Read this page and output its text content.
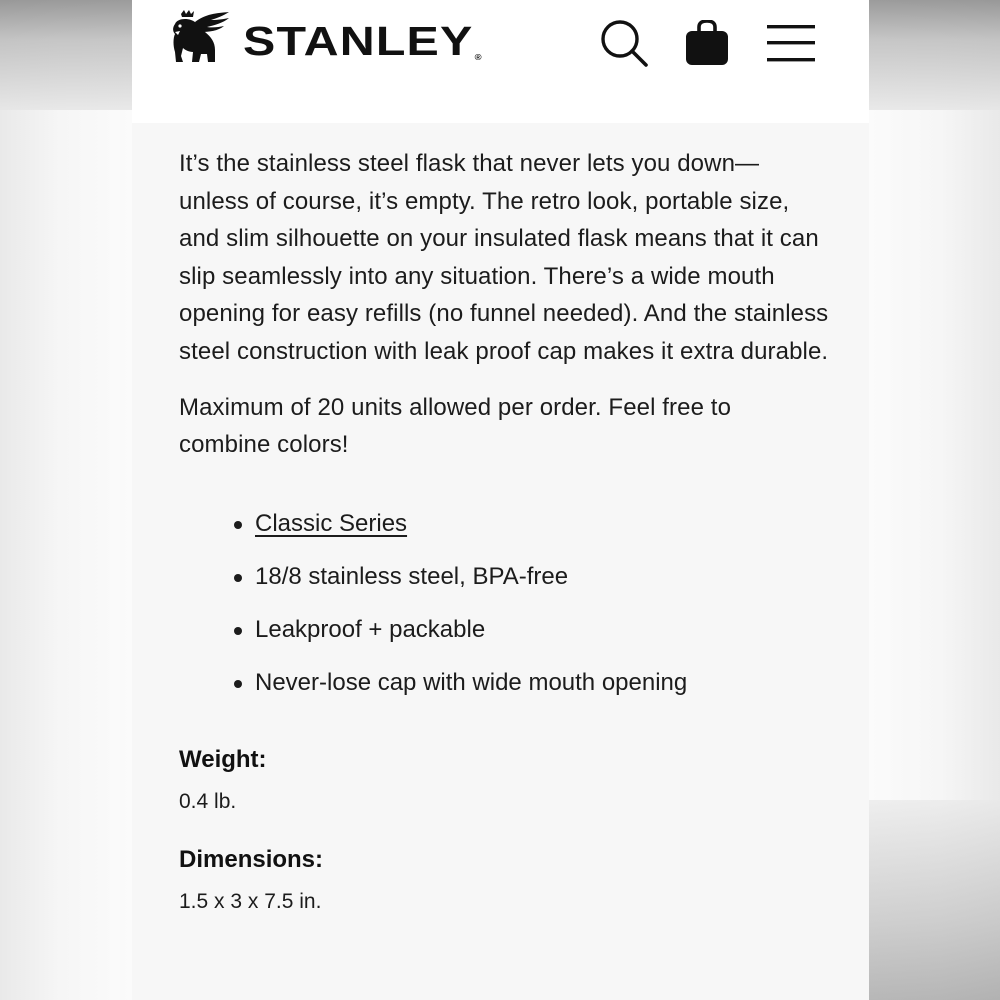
STANLEY®

It’s the stainless steel flask that never lets you down—unless of course, it’s empty. The retro look, portable size, and slim silhouette on your insulated flask means that it can slip seamlessly into any situation. There’s a wide mouth opening for easy refills (no funnel needed). And the stainless steel construction with leak proof cap makes it extra durable.

Maximum of 20 units allowed per order. Feel free to combine colors!

Classic Series
18/8 stainless steel, BPA-free
Leakproof + packable
Never-lose cap with wide mouth opening
Weight:
0.4 lb.
Dimensions:
1.5 x 3 x 7.5 in.
